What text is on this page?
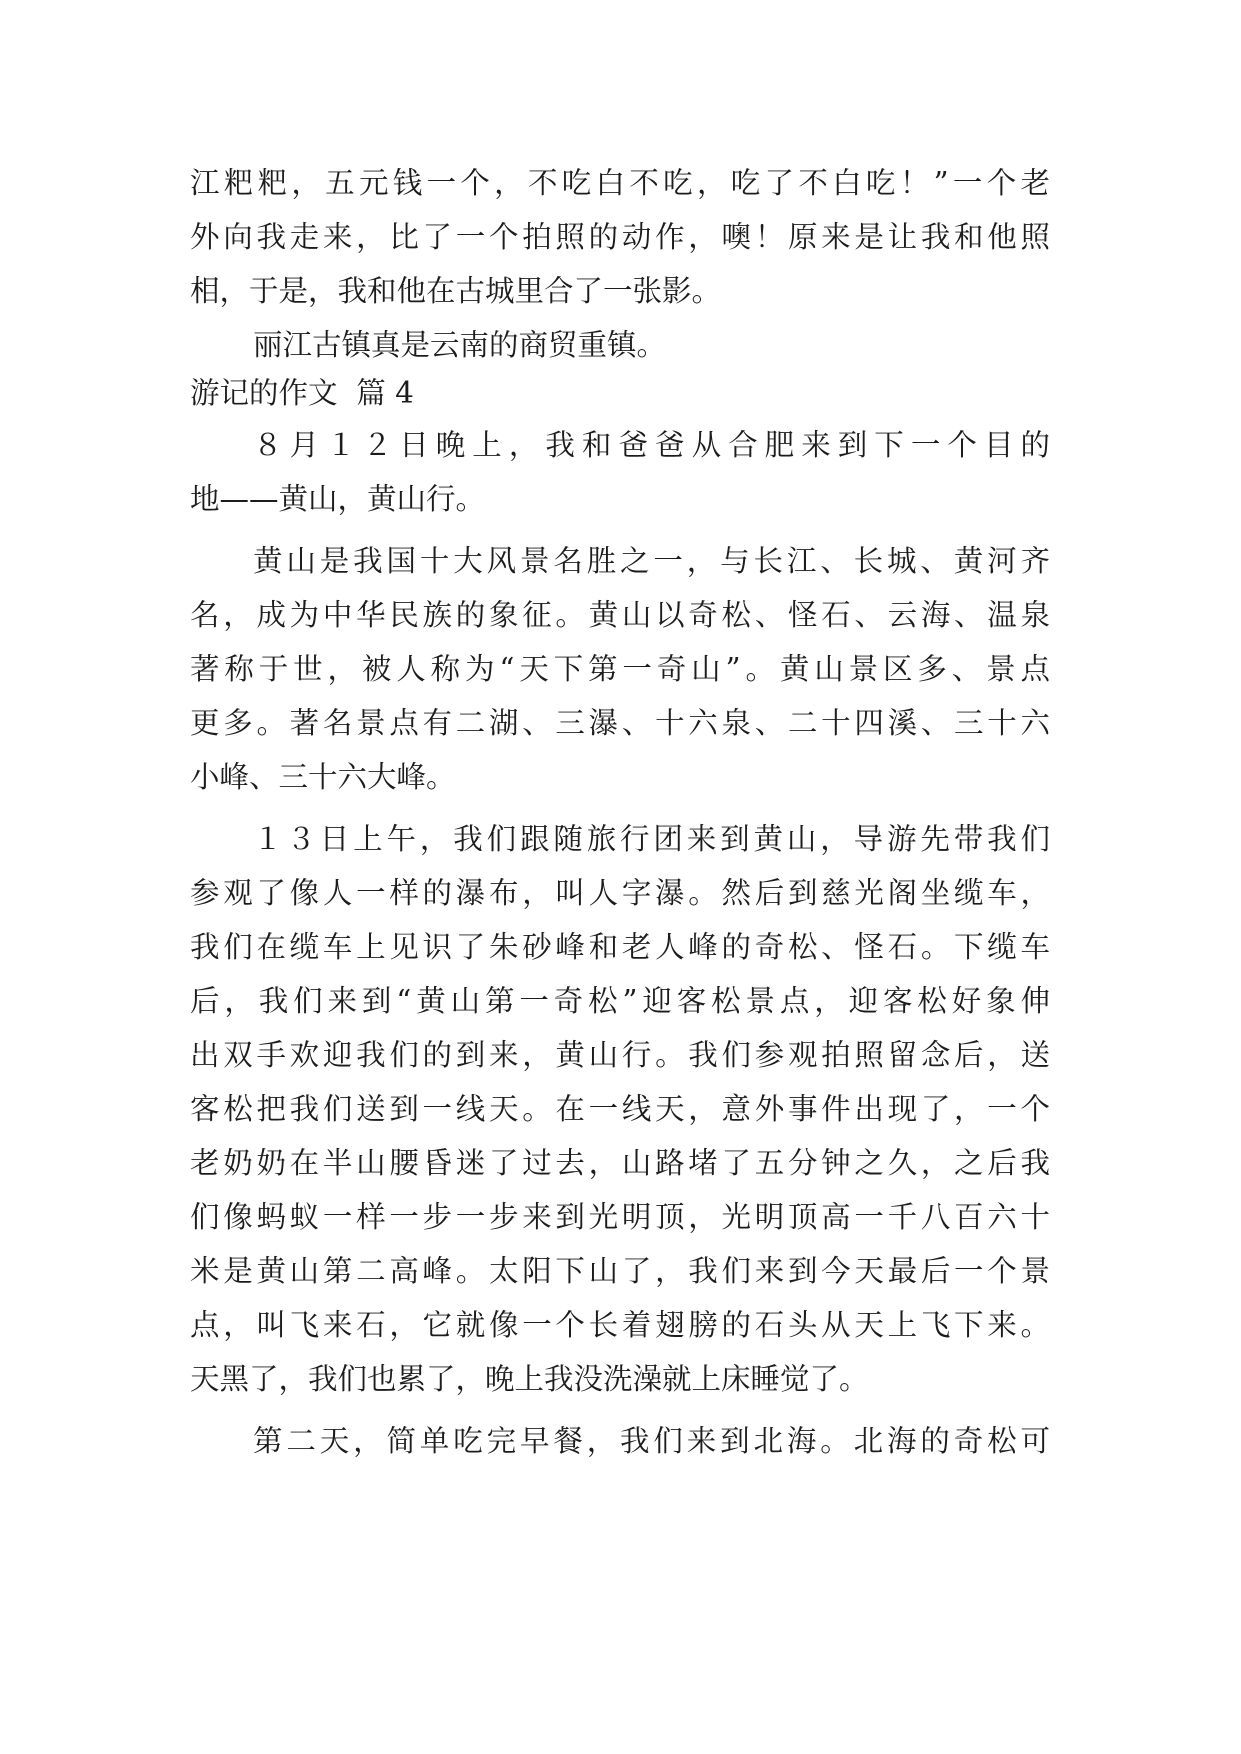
江粑粑，五元钱一个，不吃白不吃，吃了不白吃！”一个老
外向我走来，比了一个拍照的动作，噢！原来是让我和他照
相，于是，我和他在古城里合了一张影。
丽江古镇真是云南的商贸重镇。
游记的作文  篇 4
８月１２日晚上，我和爸爸从合肥来到下一个目的
地——黄山，黄山行。
黄山是我国十大风景名胜之一，与长江、长城、黄河齐
名，成为中华民族的象征。黄山以奇松、怪石、云海、温泉
著称于世，被人称为“天下第一奇山”。黄山景区多、景点
更多。著名景点有二湖、三瀑、十六泉、二十四溪、三十六
小峰、三十六大峰。
１３日上午，我们跟随旅行团来到黄山，导游先带我们
参观了像人一样的瀑布，叫人字瀑。然后到慈光阁坐缆车，
我们在缆车上见识了朱砂峰和老人峰的奇松、怪石。下缆车
后，我们来到“黄山第一奇松”迎客松景点，迎客松好象伸
出双手欢迎我们的到来，黄山行。我们参观拍照留念后，送
客松把我们送到一线天。在一线天，意外事件出现了，一个
老奶奶在半山腰昏迷了过去，山路堵了五分钟之久，之后我
们像蚂蚁一样一步一步来到光明顶，光明顶高一千八百六十
米是黄山第二高峰。太阳下山了，我们来到今天最后一个景
点，叫飞来石，它就像一个长着翅膀的石头从天上飞下来。
天黑了，我们也累了，晚上我没洗澡就上床睡觉了。
第二天，简单吃完早餐，我们来到北海。北海的奇松可
